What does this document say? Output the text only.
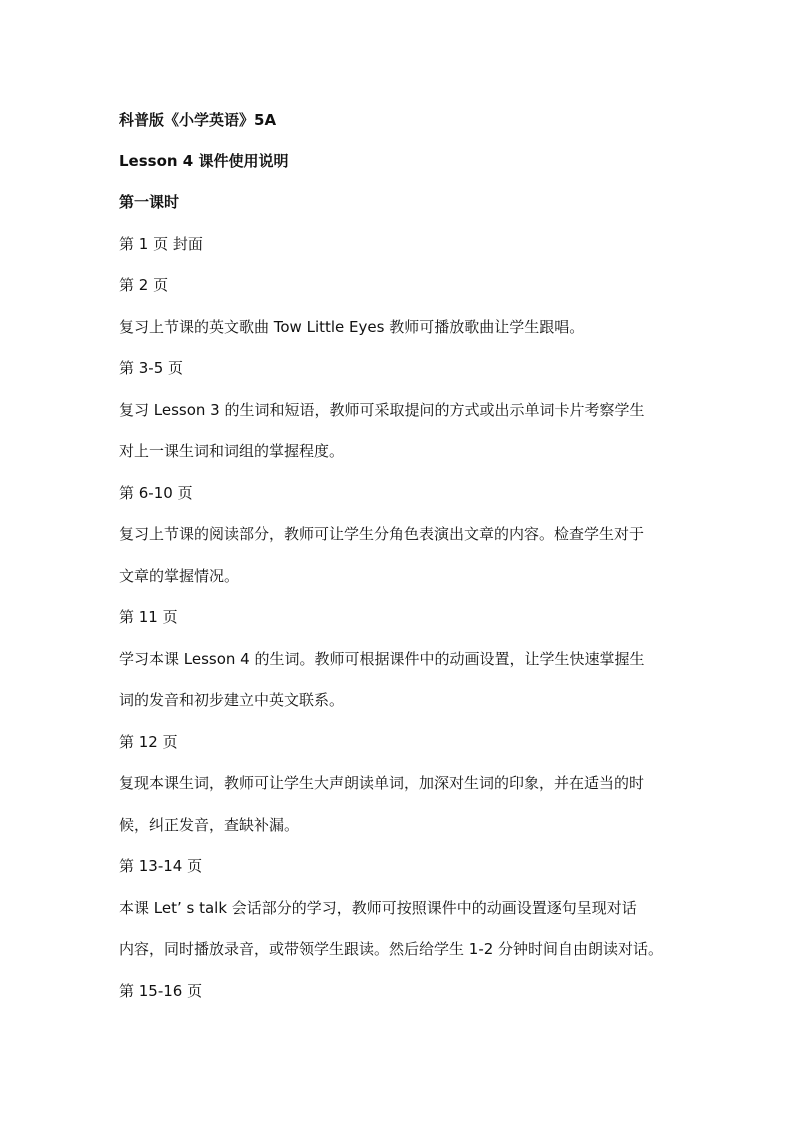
科普版《小学英语》5A
Lesson 4 课件使用说明
第一课时
第 1 页 封面
第 2 页
复习上节课的英文歌曲 Tow Little Eyes 教师可播放歌曲让学生跟唱。
第 3-5 页
复习 Lesson 3 的生词和短语，教师可采取提问的方式或出示单词卡片考察学生
对上一课生词和词组的掌握程度。
第 6-10 页
复习上节课的阅读部分，教师可让学生分角色表演出文章的内容。检查学生对于
文章的掌握情况。
第 11 页
学习本课 Lesson 4 的生词。教师可根据课件中的动画设置，让学生快速掌握生
词的发音和初步建立中英文联系。
第 12 页
复现本课生词，教师可让学生大声朗读单词，加深对生词的印象，并在适当的时
候，纠正发音，查缺补漏。
第 13-14 页
本课 Let’ s talk 会话部分的学习，教师可按照课件中的动画设置逐句呈现对话
内容，同时播放录音，或带领学生跟读。然后给学生 1-2 分钟时间自由朗读对话。
第 15-16 页
